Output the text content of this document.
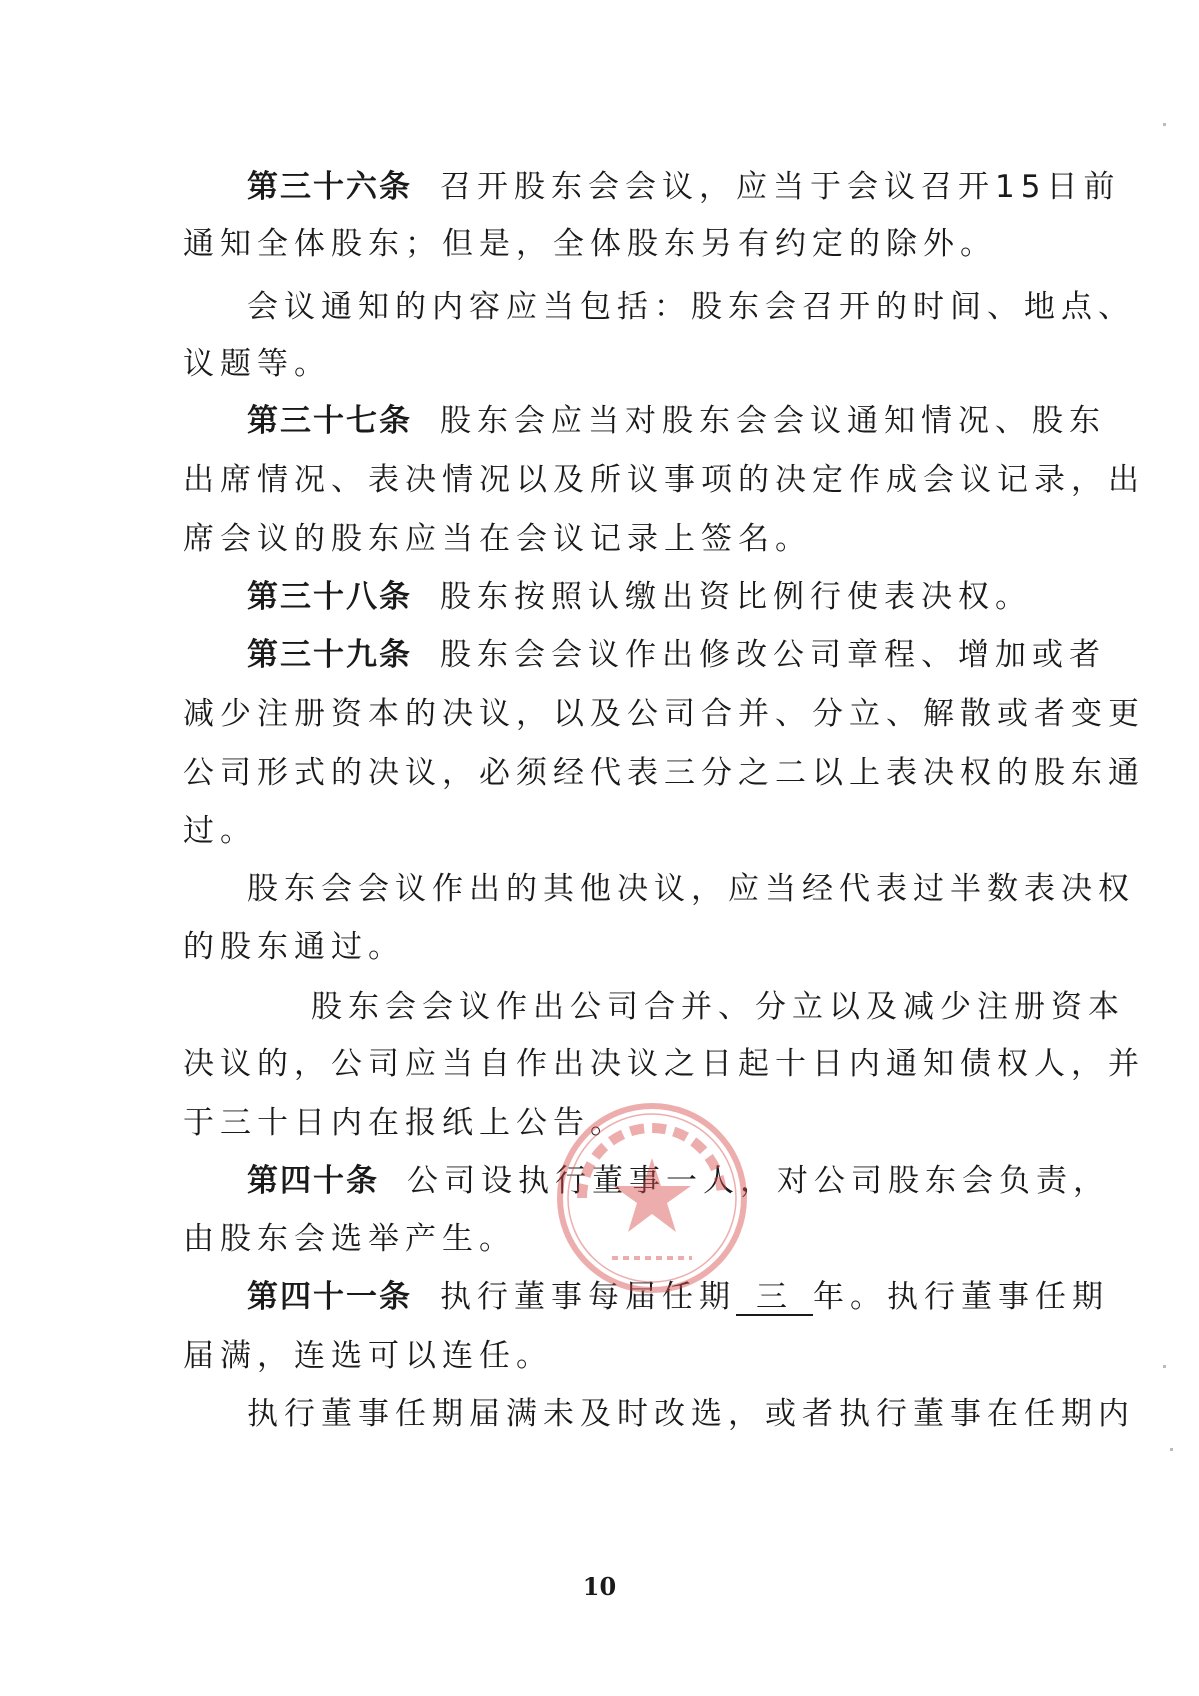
第三十六条 召开股东会会议，应当于会议召开15日前
通知全体股东；但是，全体股东另有约定的除外。
会议通知的内容应当包括：股东会召开的时间、地点、
议题等。
第三十七条 股东会应当对股东会会议通知情况、股东
出席情况、表决情况以及所议事项的决定作成会议记录，出
席会议的股东应当在会议记录上签名。
第三十八条 股东按照认缴出资比例行使表决权。
第三十九条 股东会会议作出修改公司章程、增加或者
减少注册资本的决议，以及公司合并、分立、解散或者变更
公司形式的决议，必须经代表三分之二以上表决权的股东通
过。
股东会会议作出的其他决议，应当经代表过半数表决权
的股东通过。
股东会会议作出公司合并、分立以及减少注册资本
决议的，公司应当自作出决议之日起十日内通知债权人，并
于三十日内在报纸上公告。
第四十条 公司设执行董事一人，对公司股东会负责，
由股东会选举产生。
第四十一条 执行董事每届任期 三 年。执行董事任期
届满，连选可以连任。
执行董事任期届满未及时改选，或者执行董事在任期内
10
